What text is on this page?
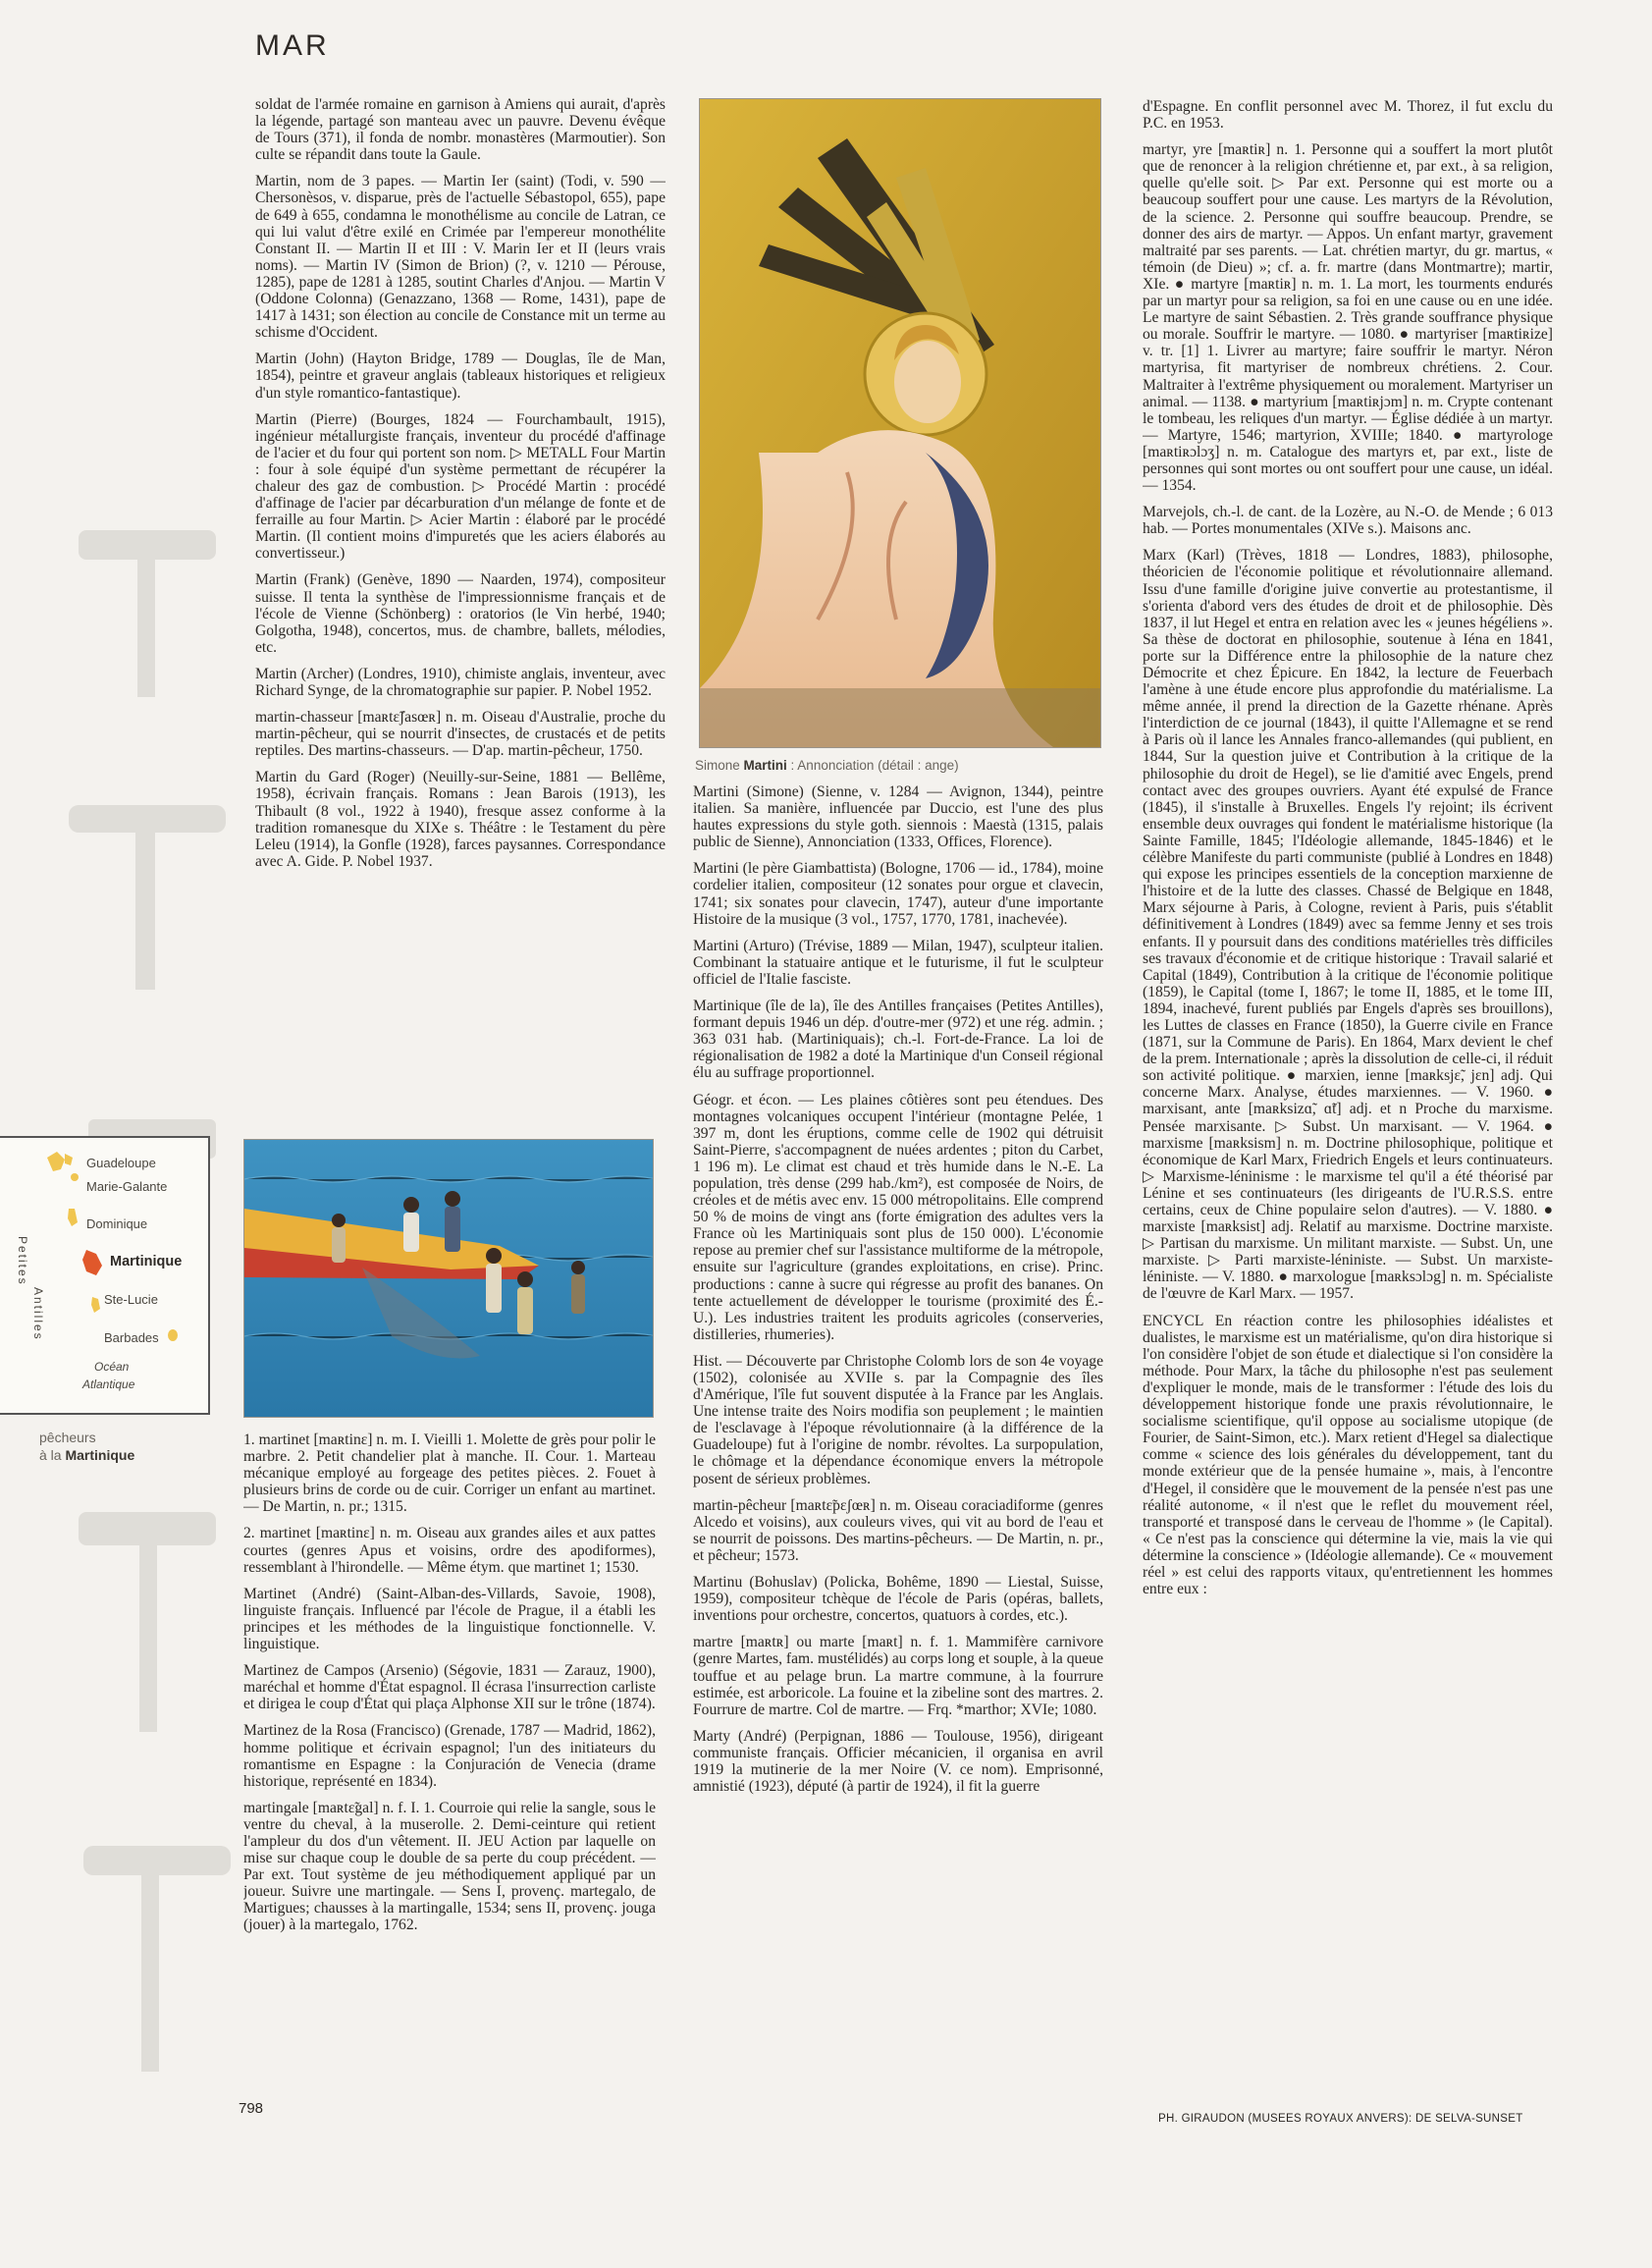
MAR

soldat de l'armée romaine en garnison à Amiens qui aurait, d'après la légende, partagé son manteau avec un pauvre. Devenu évêque de Tours (371), il fonda de nombr. monastères (Marmoutier). Son culte se répandit dans toute la Gaule.

Martin, nom de 3 papes. — Martin Ier (saint) (Todi, v. 590 — Chersonèsos, v. disparue, près de l'actuelle Sébastopol, 655), pape de 649 à 655, condamna le monothélisme au concile de Latran, ce qui lui valut d'être exilé en Crimée par l'empereur monothélite Constant II. — Martin II et III : V. Marin Ier et II (leurs vrais noms). — Martin IV (Simon de Brion) (?, v. 1210 — Pérouse, 1285), pape de 1281 à 1285, soutint Charles d'Anjou. — Martin V (Oddone Colonna) (Genazzano, 1368 — Rome, 1431), pape de 1417 à 1431; son élection au concile de Constance mit un terme au schisme d'Occident.

Martin (John) (Hayton Bridge, 1789 — Douglas, île de Man, 1854), peintre et graveur anglais (tableaux historiques et religieux d'un style romantico-fantastique).

Martin (Pierre) (Bourges, 1824 — Fourchambault, 1915), ingénieur métallurgiste français, inventeur du procédé d'affinage de l'acier et du four qui portent son nom. ▷ METALL Four Martin : four à sole équipé d'un système permettant de récupérer la chaleur des gaz de combustion. ▷ Procédé Martin : procédé d'affinage de l'acier par décarburation d'un mélange de fonte et de ferraille au four Martin. ▷ Acier Martin : élaboré par le procédé Martin. (Il contient moins d'impuretés que les aciers élaborés au convertisseur.)

Martin (Frank) (Genève, 1890 — Naarden, 1974), compositeur suisse. Il tenta la synthèse de l'impressionnisme français et de l'école de Vienne (Schönberg) : oratorios (le Vin herbé, 1940; Golgotha, 1948), concertos, mus. de chambre, ballets, mélodies, etc.

Martin (Archer) (Londres, 1910), chimiste anglais, inventeur, avec Richard Synge, de la chromatographie sur papier. P. Nobel 1952.

martin-chasseur [maʀtɛ̃ʃasœʀ] n. m. Oiseau d'Australie, proche du martin-pêcheur, qui se nourrit d'insectes, de crustacés et de petits reptiles. Des martins-chasseurs. — D'ap. martin-pêcheur, 1750.

Martin du Gard (Roger) (Neuilly-sur-Seine, 1881 — Bellême, 1958), écrivain français. Romans : Jean Barois (1913), les Thibault (8 vol., 1922 à 1940), fresque assez conforme à la tradition romanesque du XIXe s. Théâtre : le Testament du père Leleu (1914), la Gonfle (1928), farces paysannes. Correspondance avec A. Gide. P. Nobel 1937.

Guadeloupe
Marie-Galante
Dominique
Martinique
Ste-Lucie
Barbades
Océan
Atlantique
Petites
Antilles
pêcheurs
à la Martinique

1. martinet [maʀtinɛ] n. m. I. Vieilli 1. Molette de grès pour polir le marbre. 2. Petit chandelier plat à manche. II. Cour. 1. Marteau mécanique employé au forgeage des petites pièces. 2. Fouet à plusieurs brins de corde ou de cuir. Corriger un enfant au martinet. — De Martin, n. pr.; 1315.

2. martinet [maʀtinɛ] n. m. Oiseau aux grandes ailes et aux pattes courtes (genres Apus et voisins, ordre des apodiformes), ressemblant à l'hirondelle. — Même étym. que martinet 1; 1530.

Martinet (André) (Saint-Alban-des-Villards, Savoie, 1908), linguiste français. Influencé par l'école de Prague, il a établi les principes et les méthodes de la linguistique fonctionnelle. V. linguistique.

Martinez de Campos (Arsenio) (Ségovie, 1831 — Zarauz, 1900), maréchal et homme d'État espagnol. Il écrasa l'insurrection carliste et dirigea le coup d'État qui plaça Alphonse XII sur le trône (1874).

Martinez de la Rosa (Francisco) (Grenade, 1787 — Madrid, 1862), homme politique et écrivain espagnol; l'un des initiateurs du romantisme en Espagne : la Conjuración de Venecia (drame historique, représenté en 1834).

martingale [maʀtɛ̃gal] n. f. I. 1. Courroie qui relie la sangle, sous le ventre du cheval, à la muserolle. 2. Demi-ceinture qui retient l'ampleur du dos d'un vêtement. II. JEU Action par laquelle on mise sur chaque coup le double de sa perte du coup précédent. — Par ext. Tout système de jeu méthodiquement appliqué par un joueur. Suivre une martingale. — Sens I, provenç. martegalo, de Martigues; chausses à la martingalle, 1534; sens II, provenç. jouga (jouer) à la martegalo, 1762.

Simone Martini : Annonciation (détail : ange)

Martini (Simone) (Sienne, v. 1284 — Avignon, 1344), peintre italien. Sa manière, influencée par Duccio, est l'une des plus hautes expressions du style goth. siennois : Maestà (1315, palais public de Sienne), Annonciation (1333, Offices, Florence).

Martini (le père Giambattista) (Bologne, 1706 — id., 1784), moine cordelier italien, compositeur (12 sonates pour orgue et clavecin, 1741; six sonates pour clavecin, 1747), auteur d'une importante Histoire de la musique (3 vol., 1757, 1770, 1781, inachevée).

Martini (Arturo) (Trévise, 1889 — Milan, 1947), sculpteur italien. Combinant la statuaire antique et le futurisme, il fut le sculpteur officiel de l'Italie fasciste.

Martinique (île de la), île des Antilles françaises (Petites Antilles), formant depuis 1946 un dép. d'outre-mer (972) et une rég. admin. ; 363 031 hab. (Martiniquais); ch.-l. Fort-de-France. La loi de régionalisation de 1982 a doté la Martinique d'un Conseil régional élu au suffrage proportionnel.

Géogr. et écon. — Les plaines côtières sont peu étendues. Des montagnes volcaniques occupent l'intérieur (montagne Pelée, 1 397 m, dont les éruptions, comme celle de 1902 qui détruisit Saint-Pierre, s'accompagnent de nuées ardentes ; piton du Carbet, 1 196 m). Le climat est chaud et très humide dans le N.-E. La population, très dense (299 hab./km²), est composée de Noirs, de créoles et de métis avec env. 15 000 métropolitains. Elle comprend 50 % de moins de vingt ans (forte émigration des adultes vers la France où les Martiniquais sont plus de 150 000). L'économie repose au premier chef sur l'assistance multiforme de la métropole, ensuite sur l'agriculture (grandes exploitations, en crise). Princ. productions : canne à sucre qui régresse au profit des bananes. On tente actuellement de développer le tourisme (proximité des É.-U.). Les industries traitent les produits agricoles (conserveries, distilleries, rhumeries).

Hist. — Découverte par Christophe Colomb lors de son 4e voyage (1502), colonisée au XVIIe s. par la Compagnie des îles d'Amérique, l'île fut souvent disputée à la France par les Anglais. Une intense traite des Noirs modifia son peuplement ; le maintien de l'esclavage à l'époque révolutionnaire (à la différence de la Guadeloupe) fut à l'origine de nombr. révoltes. La surpopulation, le chômage et la dépendance économique envers la métropole posent de sérieux problèmes.

martin-pêcheur [maʀtɛ̃pɛʃœʀ] n. m. Oiseau coraciadiforme (genres Alcedo et voisins), aux couleurs vives, qui vit au bord de l'eau et se nourrit de poissons. Des martins-pêcheurs. — De Martin, n. pr., et pêcheur; 1573.

Martinu (Bohuslav) (Policka, Bohême, 1890 — Liestal, Suisse, 1959), compositeur tchèque de l'école de Paris (opéras, ballets, inventions pour orchestre, concertos, quatuors à cordes, etc.).

martre [maʀtʀ] ou marte [maʀt] n. f. 1. Mammifère carnivore (genre Martes, fam. mustélidés) au corps long et souple, à la queue touffue et au pelage brun. La martre commune, à la fourrure estimée, est arboricole. La fouine et la zibeline sont des martres. 2. Fourrure de martre. Col de martre. — Frq. *marthor; XVIe; 1080.

Marty (André) (Perpignan, 1886 — Toulouse, 1956), dirigeant communiste français. Officier mécanicien, il organisa en avril 1919 la mutinerie de la mer Noire (V. ce nom). Emprisonné, amnistié (1923), député (à partir de 1924), il fit la guerre

d'Espagne. En conflit personnel avec M. Thorez, il fut exclu du P.C. en 1953.

martyr, yre [maʀtiʀ] n. 1. Personne qui a souffert la mort plutôt que de renoncer à la religion chrétienne et, par ext., à sa religion, quelle qu'elle soit. ▷ Par ext. Personne qui est morte ou a beaucoup souffert pour une cause. Les martyrs de la Révolution, de la science. 2. Personne qui souffre beaucoup. Prendre, se donner des airs de martyr. — Appos. Un enfant martyr, gravement maltraité par ses parents. — Lat. chrétien martyr, du gr. martus, « témoin (de Dieu) »; cf. a. fr. martre (dans Montmartre); martir, XIe. ● martyre [maʀtiʀ] n. m. 1. La mort, les tourments endurés par un martyr pour sa religion, sa foi en une cause ou en une idée. Le martyre de saint Sébastien. 2. Très grande souffrance physique ou morale. Souffrir le martyre. — 1080. ● martyriser [maʀtiʀize] v. tr. [1] 1. Livrer au martyre; faire souffrir le martyr. Néron martyrisa, fit martyriser de nombreux chrétiens. 2. Cour. Maltraiter à l'extrême physiquement ou moralement. Martyriser un animal. — 1138. ● martyrium [maʀtiʀjɔm] n. m. Crypte contenant le tombeau, les reliques d'un martyr. — Église dédiée à un martyr. — Martyre, 1546; martyrion, XVIIIe; 1840. ● martyrologe [maʀtiʀɔlɔʒ] n. m. Catalogue des martyrs et, par ext., liste de personnes qui sont mortes ou ont souffert pour une cause, un idéal. — 1354.

Marvejols, ch.-l. de cant. de la Lozère, au N.-O. de Mende ; 6 013 hab. — Portes monumentales (XIVe s.). Maisons anc.

Marx (Karl) (Trèves, 1818 — Londres, 1883), philosophe, théoricien de l'économie politique et révolutionnaire allemand. Issu d'une famille d'origine juive convertie au protestantisme, il s'orienta d'abord vers des études de droit et de philosophie. Dès 1837, il lut Hegel et entra en relation avec les « jeunes hégéliens ». Sa thèse de doctorat en philosophie, soutenue à Iéna en 1841, porte sur la Différence entre la philosophie de la nature chez Démocrite et chez Épicure. En 1842, la lecture de Feuerbach l'amène à une étude encore plus approfondie du matérialisme. La même année, il prend la direction de la Gazette rhénane. Après l'interdiction de ce journal (1843), il quitte l'Allemagne et se rend à Paris où il lance les Annales franco-allemandes (qui publient, en 1844, Sur la question juive et Contribution à la critique de la philosophie du droit de Hegel), se lie d'amitié avec Engels, prend contact avec des groupes ouvriers. Ayant été expulsé de France (1845), il s'installe à Bruxelles. Engels l'y rejoint; ils écrivent ensemble deux ouvrages qui fondent le matérialisme historique (la Sainte Famille, 1845; l'Idéologie allemande, 1845-1846) et le célèbre Manifeste du parti communiste (publié à Londres en 1848) qui expose les principes essentiels de la conception marxienne de l'histoire et de la lutte des classes. Chassé de Belgique en 1848, Marx séjourne à Paris, à Cologne, revient à Paris, puis s'établit définitivement à Londres (1849) avec sa femme Jenny et ses trois enfants. Il y poursuit dans des conditions matérielles très difficiles ses travaux d'économie et de critique historique : Travail salarié et Capital (1849), Contribution à la critique de l'économie politique (1859), le Capital (tome I, 1867; le tome II, 1885, et le tome III, 1894, inachevé, furent publiés par Engels d'après ses brouillons), les Luttes de classes en France (1850), la Guerre civile en France (1871, sur la Commune de Paris). En 1864, Marx devient le chef de la prem. Internationale ; après la dissolution de celle-ci, il réduit son activité politique. ● marxien, ienne [maʀksjɛ̃, jɛn] adj. Qui concerne Marx. Analyse, études marxiennes. — V. 1960. ● marxisant, ante [maʀksizɑ̃, ɑ̃t] adj. et n Proche du marxisme. Pensée marxisante. ▷ Subst. Un marxisant. — V. 1964. ● marxisme [maʀksism] n. m. Doctrine philosophique, politique et économique de Karl Marx, Friedrich Engels et leurs continuateurs. ▷ Marxisme-léninisme : le marxisme tel qu'il a été théorisé par Lénine et ses continuateurs (les dirigeants de l'U.R.S.S. entre certains, ceux de Chine populaire selon d'autres). — V. 1880. ● marxiste [maʀksist] adj. Relatif au marxisme. Doctrine marxiste. ▷ Partisan du marxisme. Un militant marxiste. — Subst. Un, une marxiste. ▷ Parti marxiste-léniniste. — Subst. Un marxiste-léniniste. — V. 1880. ● marxologue [maʀksɔlɔg] n. m. Spécialiste de l'œuvre de Karl Marx. — 1957.

ENCYCL En réaction contre les philosophies idéalistes et dualistes, le marxisme est un matérialisme, qu'on dira historique si l'on considère l'objet de son étude et dialectique si l'on considère la méthode. Pour Marx, la tâche du philosophe n'est pas seulement d'expliquer le monde, mais de le transformer : l'étude des lois du développement historique fonde une praxis révolutionnaire, le socialisme scientifique, qu'il oppose au socialisme utopique (de Fourier, de Saint-Simon, etc.). Marx retient d'Hegel sa dialectique comme « science des lois générales du développement, tant du monde extérieur que de la pensée humaine », mais, à l'encontre d'Hegel, il considère que le mouvement de la pensée n'est pas une réalité autonome, « il n'est que le reflet du mouvement réel, transporté et transposé dans le cerveau de l'homme » (le Capital). « Ce n'est pas la conscience qui détermine la vie, mais la vie qui détermine la conscience » (Idéologie allemande). Ce « mouvement réel » est celui des rapports vitaux, qu'entretiennent les hommes entre eux :

798
PH. GIRAUDON (MUSEES ROYAUX ANVERS): DE SELVA-SUNSET
